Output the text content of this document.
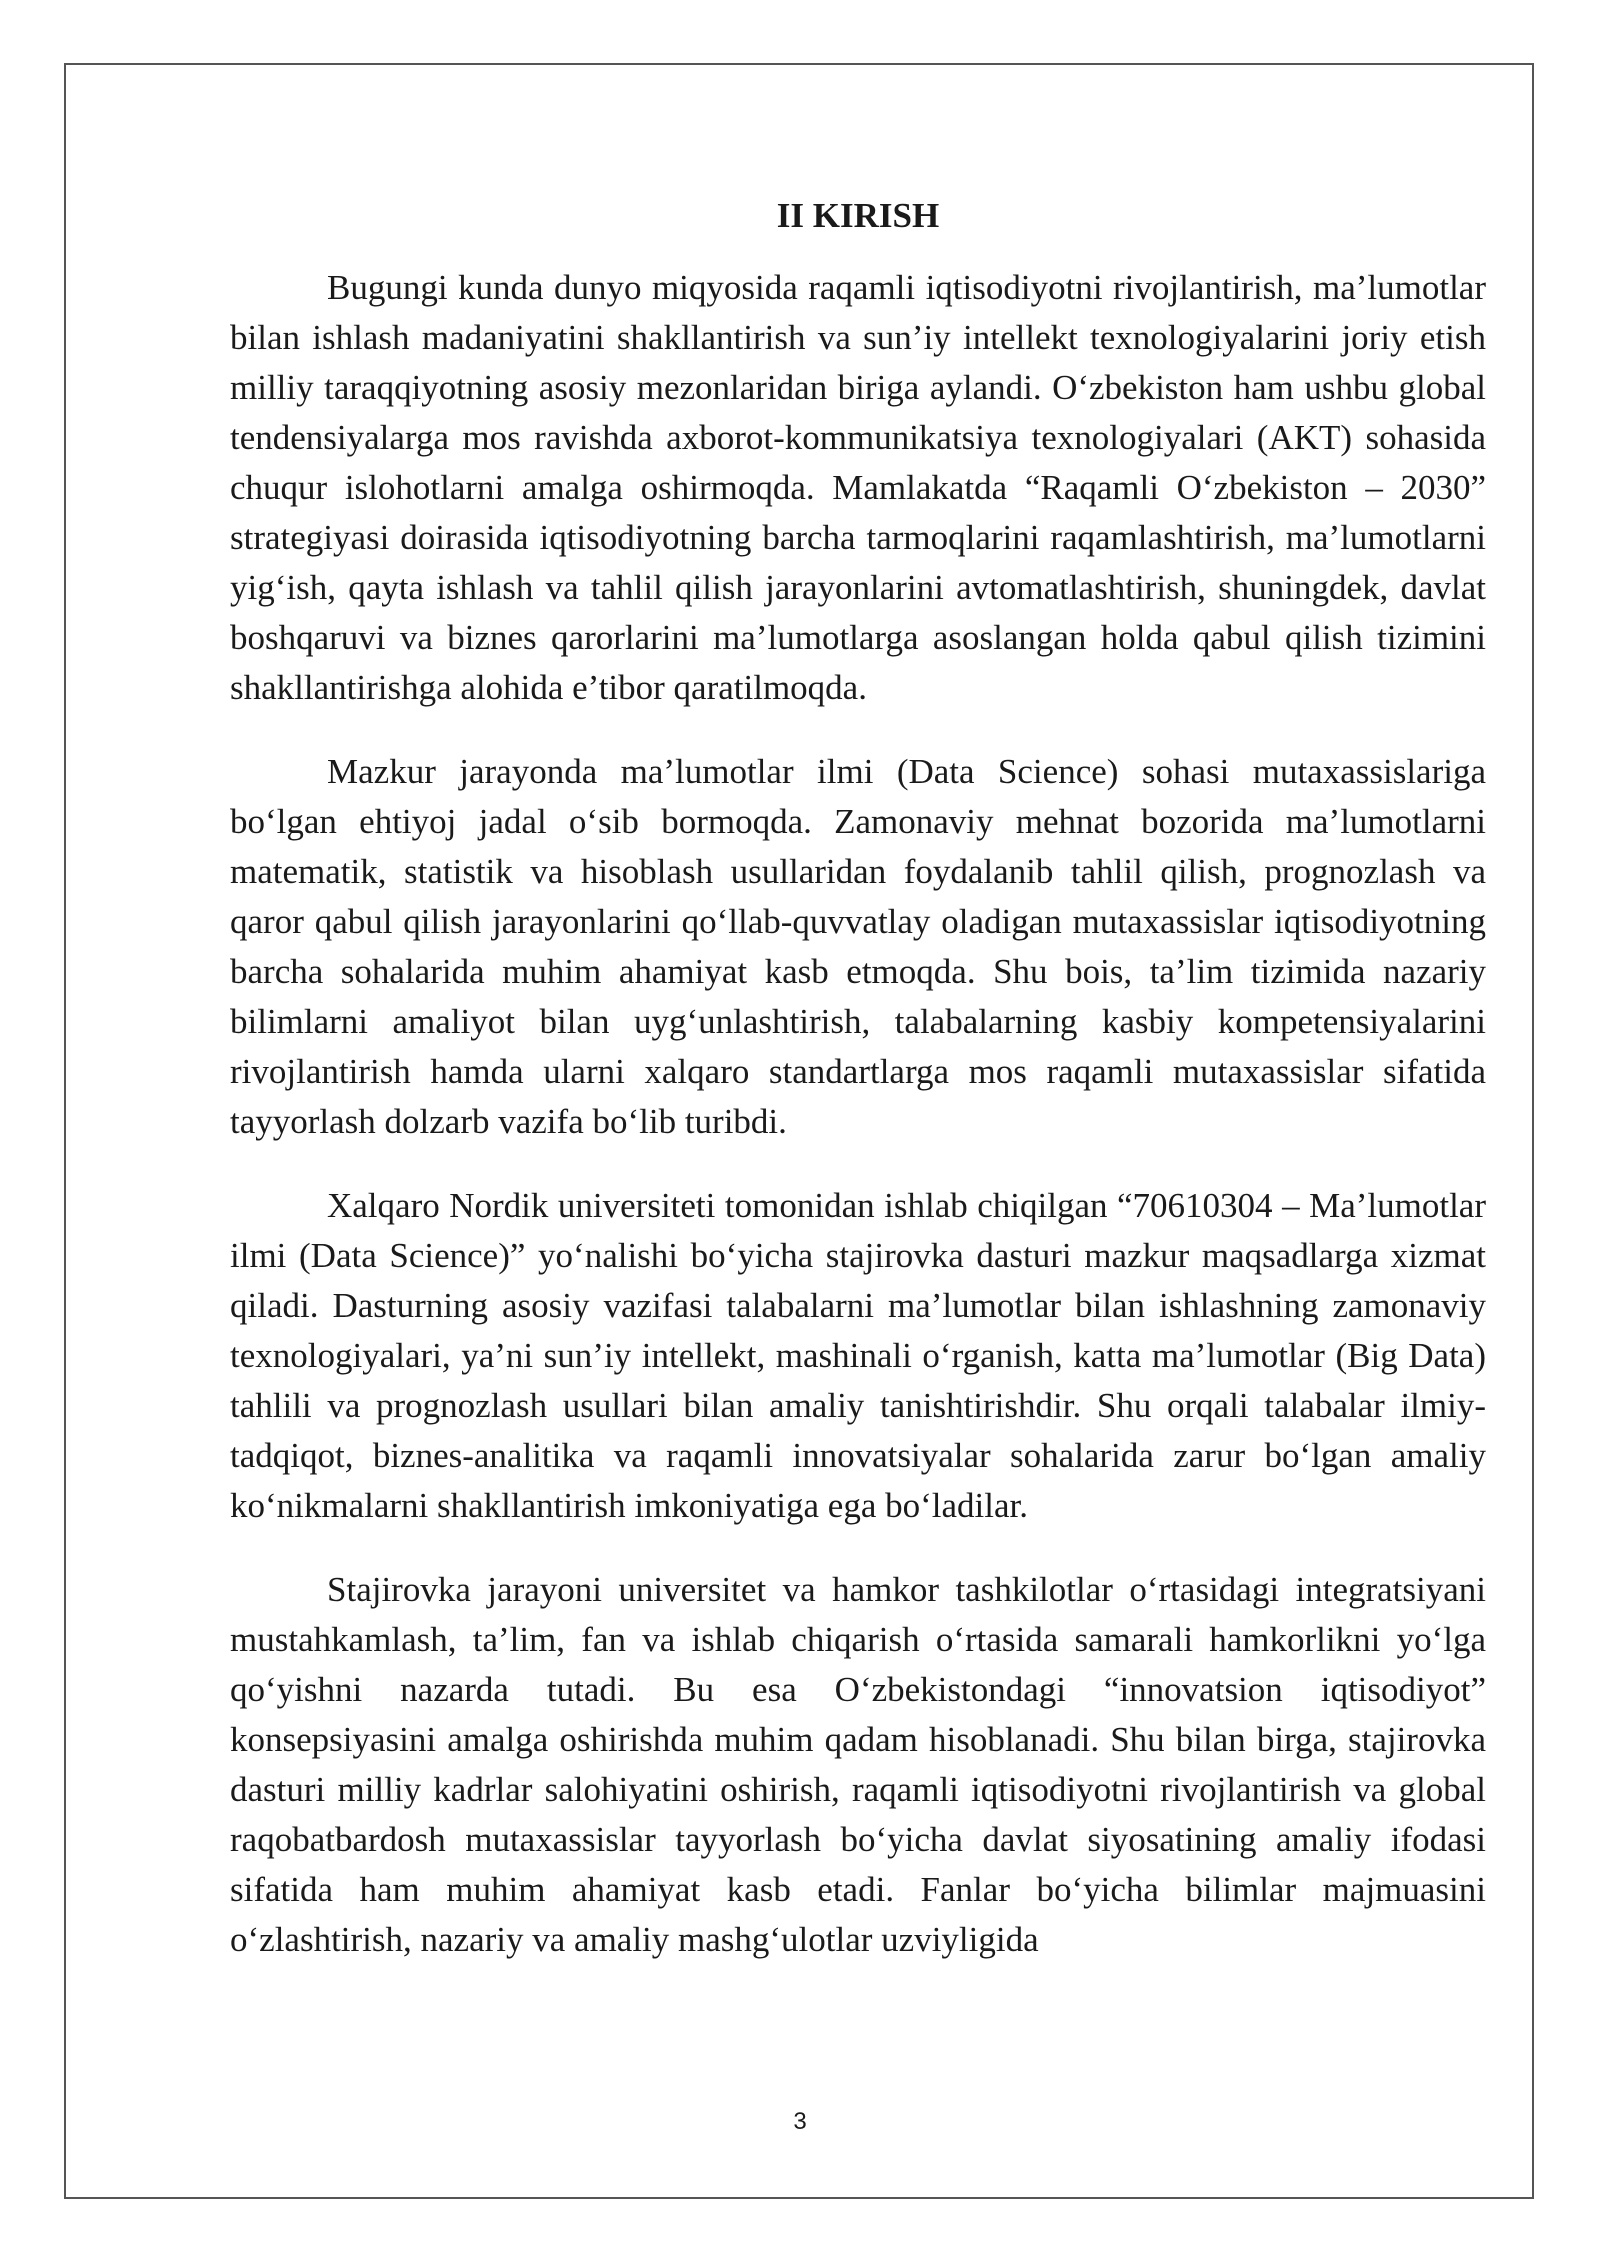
II KIRISH

Bugungi kunda dunyo miqyosida raqamli iqtisodiyotni rivojlantirish, ma’lumotlar bilan ishlash madaniyatini shakllantirish va sun’iy intellekt texnologiyalarini joriy etish milliy taraqqiyotning asosiy mezonlaridan biriga aylandi. O‘zbekiston ham ushbu global tendensiyalarga mos ravishda axborot-kommunikatsiya texnologiyalari (AKT) sohasida chuqur islohotlarni amalga oshirmoqda. Mamlakatda “Raqamli O‘zbekiston – 2030” strategiyasi doirasida iqtisodiyotning barcha tarmoqlarini raqamlashtirish, ma’lumotlarni yig‘ish, qayta ishlash va tahlil qilish jarayonlarini avtomatlashtirish, shuningdek, davlat boshqaruvi va biznes qarorlarini ma’lumotlarga asoslangan holda qabul qilish tizimini shakllantirishga alohida e’tibor qaratilmoqda.

Mazkur jarayonda ma’lumotlar ilmi (Data Science) sohasi mutaxassislariga bo‘lgan ehtiyoj jadal o‘sib bormoqda. Zamonaviy mehnat bozorida ma’lumotlarni matematik, statistik va hisoblash usullaridan foydalanib tahlil qilish, prognozlash va qaror qabul qilish jarayonlarini qo‘llab-quvvatlay oladigan mutaxassislar iqtisodiyotning barcha sohalarida muhim ahamiyat kasb etmoqda. Shu bois, ta’lim tizimida nazariy bilimlarni amaliyot bilan uyg‘unlashtirish, talabalarning kasbiy kompetensiyalarini rivojlantirish hamda ularni xalqaro standartlarga mos raqamli mutaxassislar sifatida tayyorlash dolzarb vazifa bo‘lib turibdi.

Xalqaro Nordik universiteti tomonidan ishlab chiqilgan “70610304 – Ma’lumotlar ilmi (Data Science)” yo‘nalishi bo‘yicha stajirovka dasturi mazkur maqsadlarga xizmat qiladi. Dasturning asosiy vazifasi talabalarni ma’lumotlar bilan ishlashning zamonaviy texnologiyalari, ya’ni sun’iy intellekt, mashinali o‘rganish, katta ma’lumotlar (Big Data) tahlili va prognozlash usullari bilan amaliy tanishtirishdir. Shu orqali talabalar ilmiy-tadqiqot, biznes-analitika va raqamli innovatsiyalar sohalarida zarur bo‘lgan amaliy ko‘nikmalarni shakllantirish imkoniyatiga ega bo‘ladilar.

Stajirovka jarayoni universitet va hamkor tashkilotlar o‘rtasidagi integratsiyani mustahkamlash, ta’lim, fan va ishlab chiqarish o‘rtasida samarali hamkorlikni yo‘lga qo‘yishni nazarda tutadi. Bu esa O‘zbekistondagi “innovatsion iqtisodiyot” konsepsiyasini amalga oshirishda muhim qadam hisoblanadi. Shu bilan birga, stajirovka dasturi milliy kadrlar salohiyatini oshirish, raqamli iqtisodiyotni rivojlantirish va global raqobatbardosh mutaxassislar tayyorlash bo‘yicha davlat siyosatining amaliy ifodasi sifatida ham muhim ahamiyat kasb etadi. Fanlar bo‘yicha bilimlar majmuasini o‘zlashtirish, nazariy va amaliy mashg‘ulotlar uzviyligida

3
